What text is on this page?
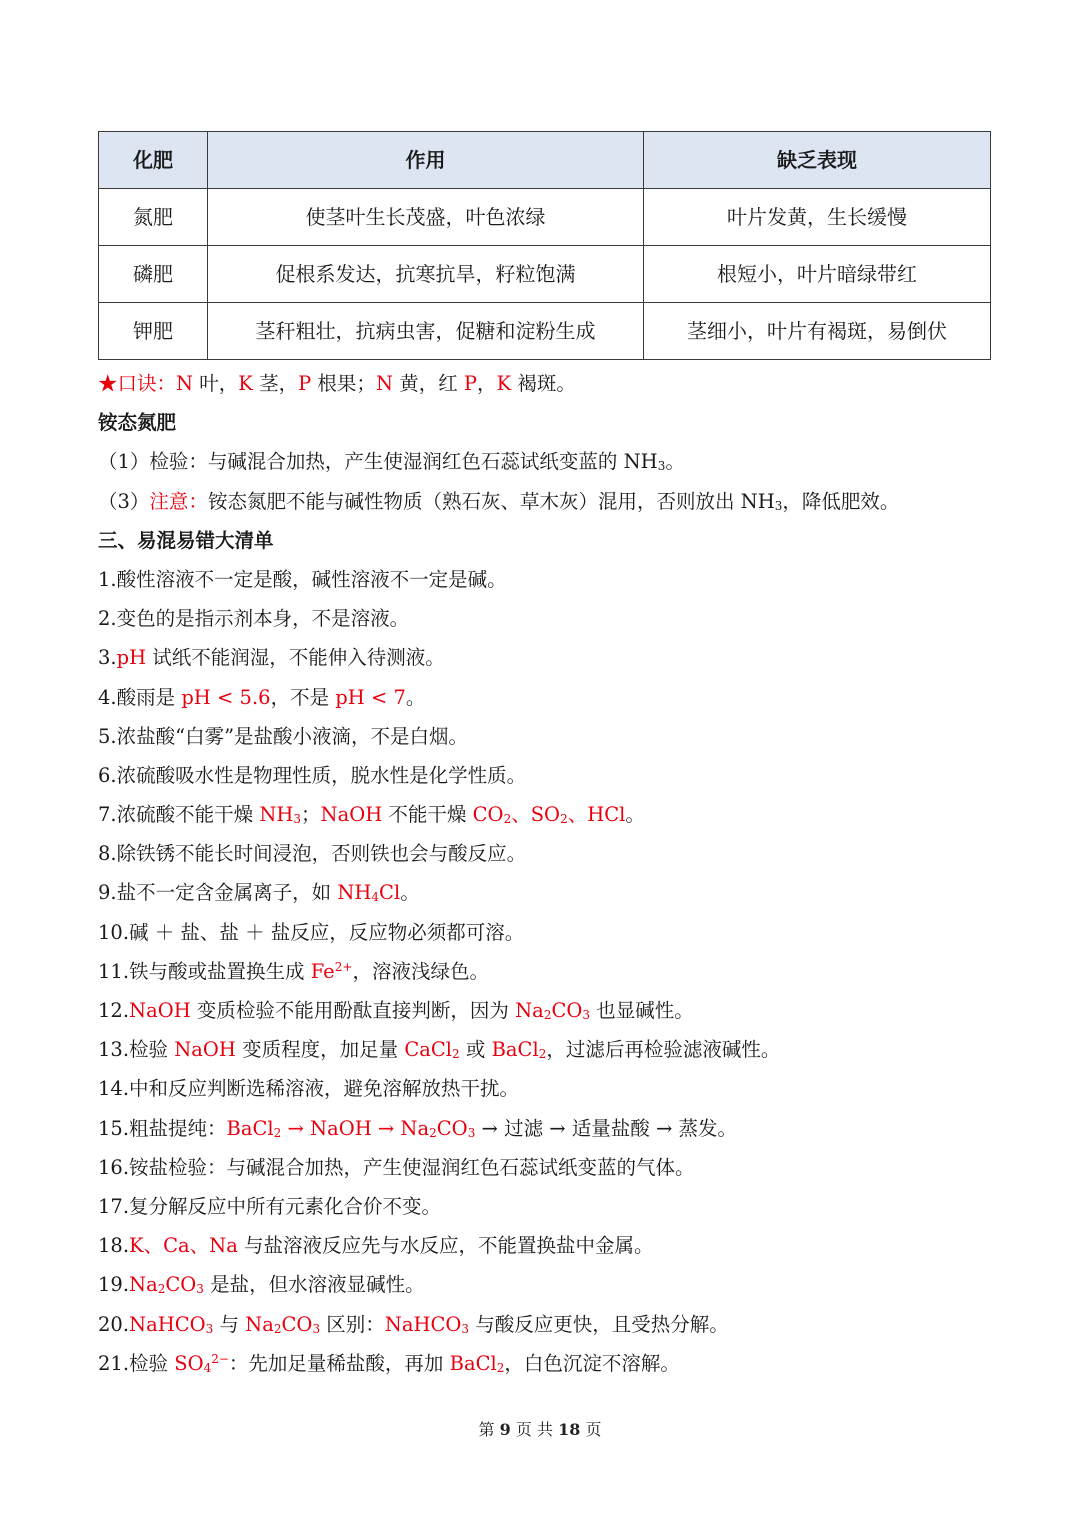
化肥	作用	缺乏表现
氮肥	使茎叶生长茂盛，叶色浓绿	叶片发黄，生长缓慢
磷肥	促根系发达，抗寒抗旱，籽粒饱满	根短小，叶片暗绿带红
钾肥	茎秆粗壮，抗病虫害，促糖和淀粉生成	茎细小，叶片有褐斑，易倒伏
★口诀：N 叶，K 茎，P 根果；N 黄，红 P，K 褐斑。
铵态氮肥
（1）检验：与碱混合加热，产生使湿润红色石蕊试纸变蓝的 $NH_3$。
（3）注意：铵态氮肥不能与碱性物质（熟石灰、草木灰）混用，否则放出 $NH_3$，降低肥效。
三、易混易错大清单
1.酸性溶液不一定是酸，碱性溶液不一定是碱。
2.变色的是指示剂本身，不是溶液。
3.pH 试纸不能润湿，不能伸入待测液。
4.酸雨是 pH < 5.6，不是 pH < 7。
5.浓盐酸“白雾”是盐酸小液滴，不是白烟。
6.浓硫酸吸水性是物理性质，脱水性是化学性质。
7.浓硫酸不能干燥 $NH_3$；NaOH 不能干燥 $CO_2$、$SO_2$、HCl。
8.除铁锈不能长时间浸泡，否则铁也会与酸反应。
9.盐不一定含金属离子，如 $NH_4Cl$。
10.碱 ＋ 盐、盐 ＋ 盐反应，反应物必须都可溶。
11.铁与酸或盐置换生成 $Fe^{2+}$，溶液浅绿色。
12.NaOH 变质检验不能用酚酞直接判断，因为 $Na_2CO_3$ 也显碱性。
13.检验 NaOH 变质程度，加足量 CaCl$_2$ 或 BaCl$_2$，过滤后再检验滤液碱性。
14.中和反应判断选稀溶液，避免溶解放热干扰。
15.粗盐提纯：BaCl$_2$ → NaOH → $Na_2CO_3$ → 过滤 → 适量盐酸 → 蒸发。
16.铵盐检验：与碱混合加热，产生使湿润红色石蕊试纸变蓝的气体。
17.复分解反应中所有元素化合价不变。
18.K、Ca、Na 与盐溶液反应先与水反应，不能置换盐中金属。
$19.Na_2CO_3$ 是盐，但水溶液显碱性。
20.NaHCO$_3$ 与 $Na_2CO_3$ 区别：NaHCO$_3$ 与酸反应更快，且受热分解。
21.检验 $SO_4^{2-}$：先加足量稀盐酸，再加 BaCl$_2$，白色沉淀不溶解。
第 9 页 共 18 页
